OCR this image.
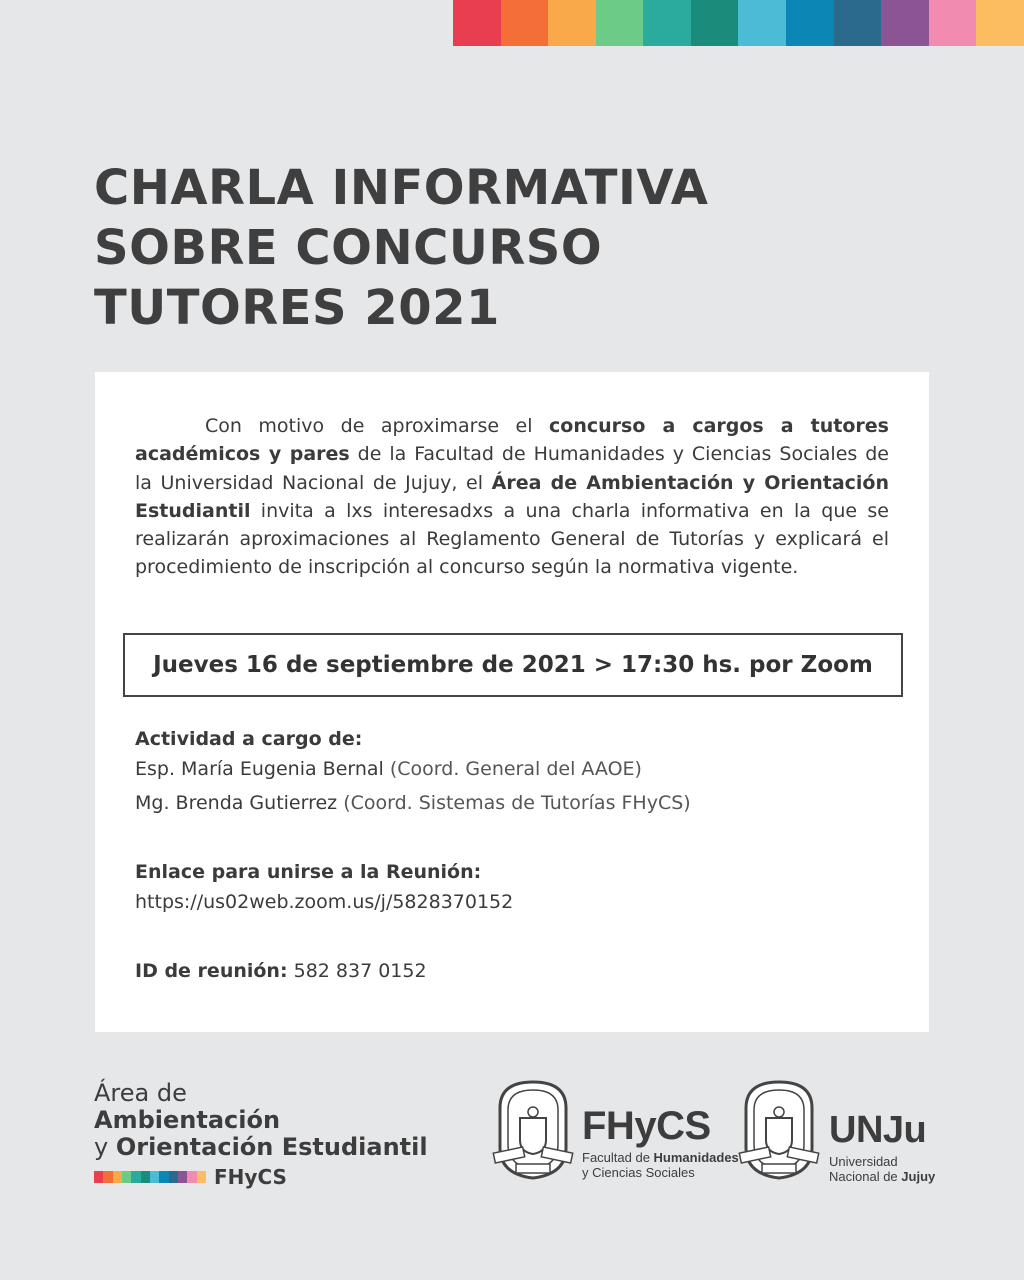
CHARLA INFORMATIVA
SOBRE CONCURSO
TUTORES 2021

Con motivo de aproximarse el concurso a cargos a tutores académicos y pares de la Facultad de Humanidades y Ciencias Sociales de la Universidad Nacional de Jujuy, el Área de Ambientación y Orientación Estudiantil invita a lxs interesadxs a una charla informativa en la que se realizarán aproximaciones al Reglamento General de Tutorías y explicará el procedimiento de inscripción al concurso según la normativa vigente.

Jueves 16 de septiembre de 2021 > 17:30 hs. por Zoom
Actividad a cargo de:
Esp. María Eugenia Bernal (Coord. General del AAOE)
Mg. Brenda Gutierrez (Coord. Sistemas de Tutorías FHyCS)
Enlace para unirse a la Reunión:
https://us02web.zoom.us/j/5828370152
ID de reunión: 582 837 0152
Área de
Ambientación
y Orientación Estudiantil
FHyCS
FHyCS
Facultad de Humanidades
y Ciencias Sociales
UNJu
Universidad
Nacional de Jujuy
